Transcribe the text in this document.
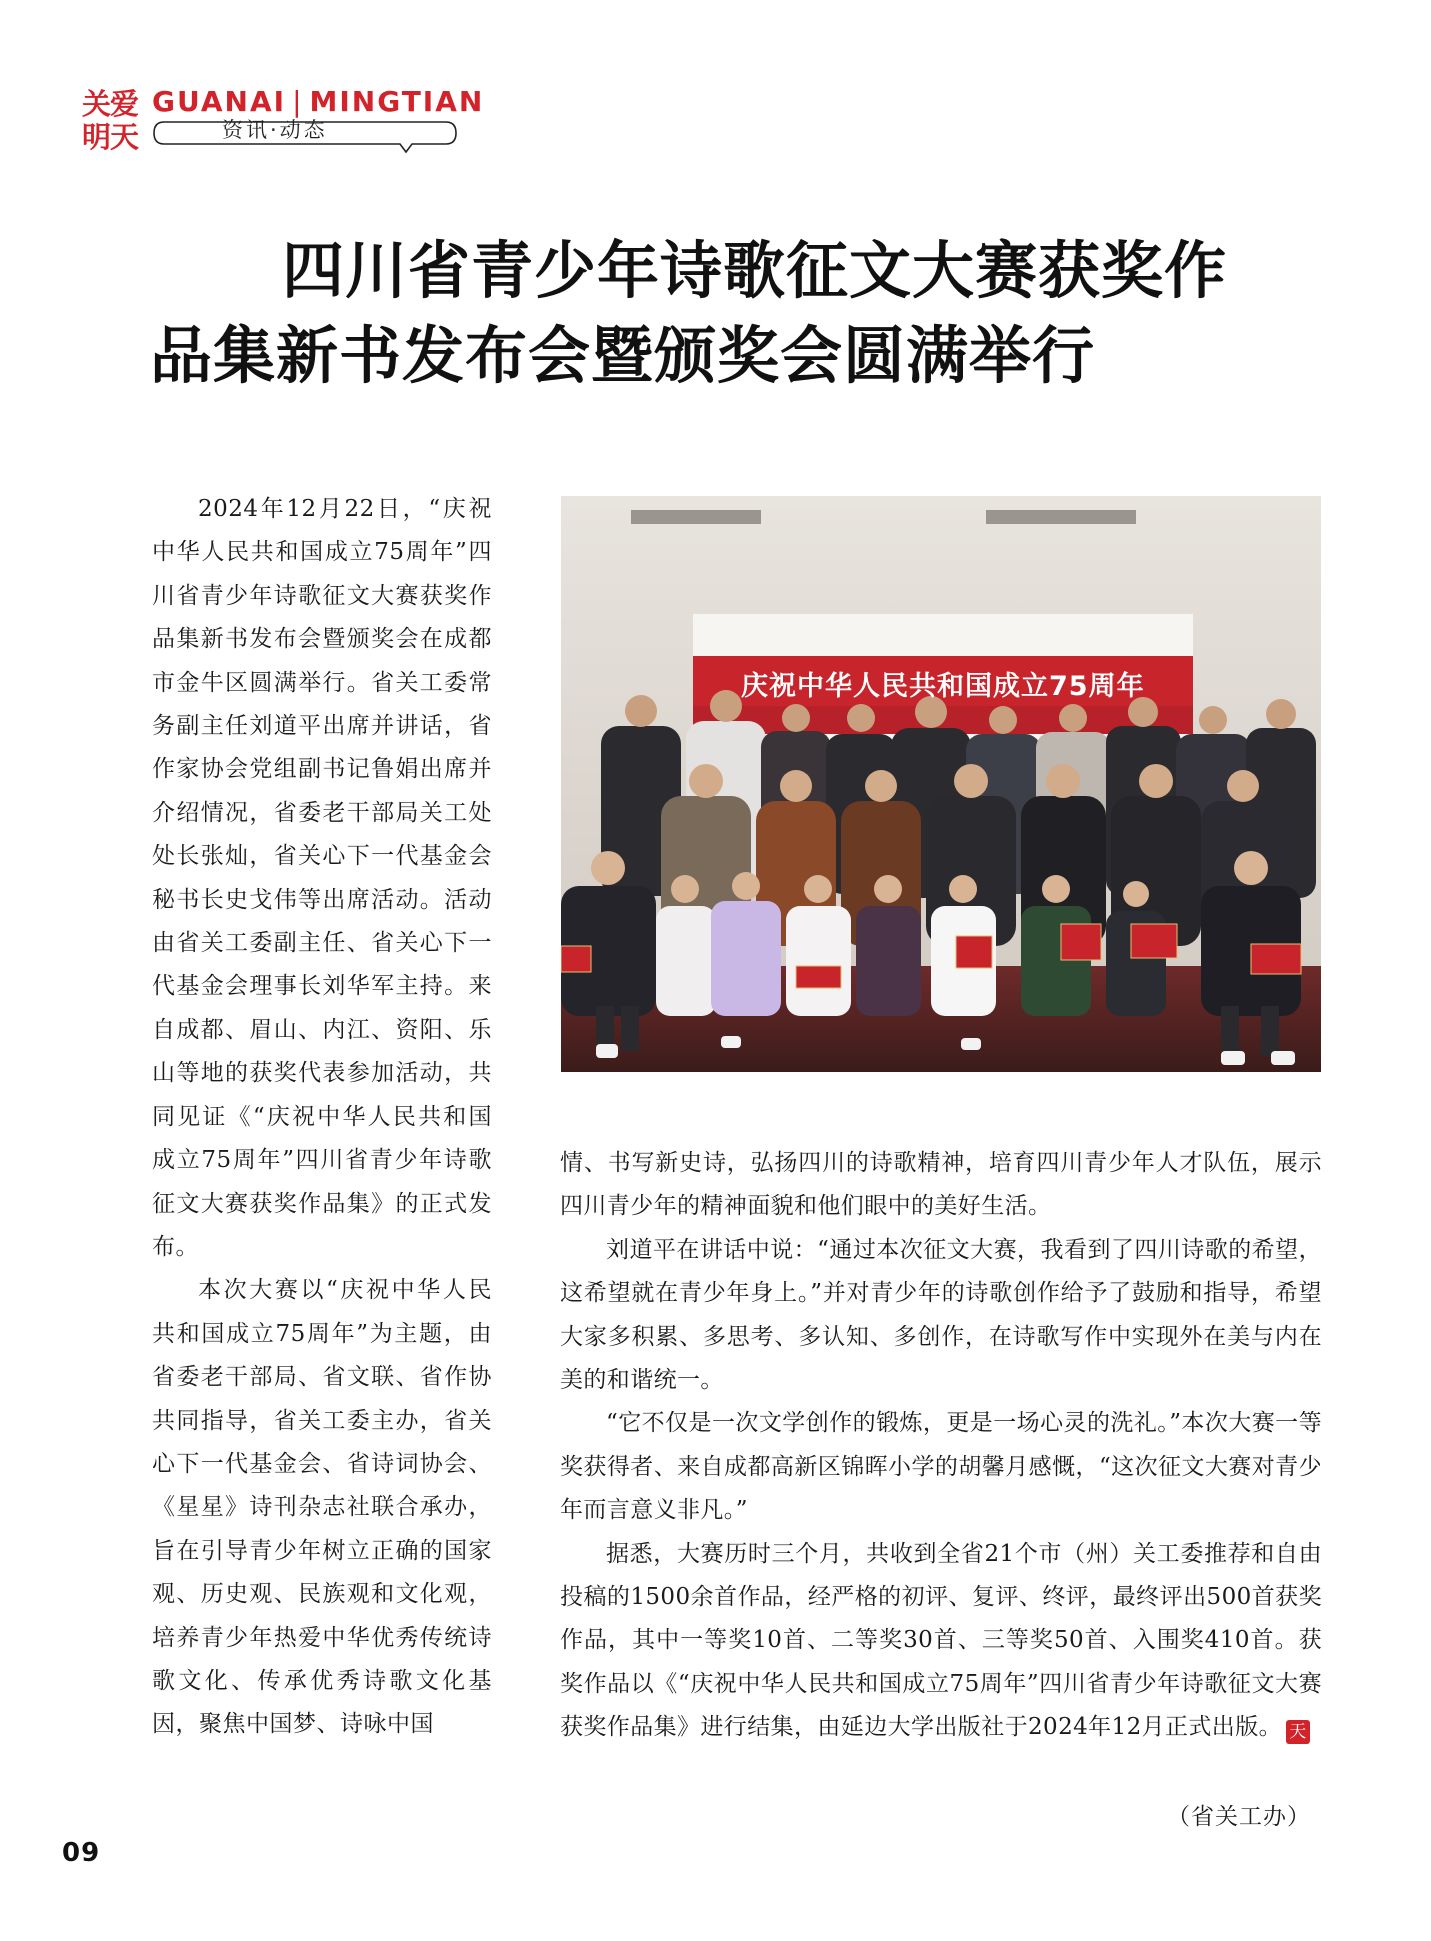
关爱
明天
GUANAI | MINGTIAN
资讯·动态
四川省青少年诗歌征文大赛获奖作
品集新书发布会暨颁奖会圆满举行

2024年12月22日，“庆祝中华人民共和国成立75周年”四川省青少年诗歌征文大赛获奖作品集新书发布会暨颁奖会在成都市金牛区圆满举行。省关工委常务副主任刘道平出席并讲话，省作家协会党组副书记鲁娟出席并介绍情况，省委老干部局关工处处长张灿，省关心下一代基金会秘书长史戈伟等出席活动。活动由省关工委副主任、省关心下一代基金会理事长刘华军主持。来自成都、眉山、内江、资阳、乐山等地的获奖代表参加活动，共同见证《“庆祝中华人民共和国成立75周年”四川省青少年诗歌征文大赛获奖作品集》的正式发布。

本次大赛以“庆祝中华人民共和国成立75周年”为主题，由省委老干部局、省文联、省作协共同指导，省关工委主办，省关心下一代基金会、省诗词协会、《星星》诗刊杂志社联合承办，旨在引导青少年树立正确的国家观、历史观、民族观和文化观，培养青少年热爱中华优秀传统诗歌文化、传承优秀诗歌文化基因，聚焦中国梦、诗咏中国

庆祝中华人民共和国成立75周年

情、书写新史诗，弘扬四川的诗歌精神，培育四川青少年人才队伍，展示四川青少年的精神面貌和他们眼中的美好生活。

刘道平在讲话中说：“通过本次征文大赛，我看到了四川诗歌的希望，这希望就在青少年身上。”并对青少年的诗歌创作给予了鼓励和指导，希望大家多积累、多思考、多认知、多创作，在诗歌写作中实现外在美与内在美的和谐统一。

“它不仅是一次文学创作的锻炼，更是一场心灵的洗礼。”本次大赛一等奖获得者、来自成都高新区锦晖小学的胡馨月感慨，“这次征文大赛对青少年而言意义非凡。”

据悉，大赛历时三个月，共收到全省21个市（州）关工委推荐和自由投稿的1500余首作品，经严格的初评、复评、终评，最终评出500首获奖作品，其中一等奖10首、二等奖30首、三等奖50首、入围奖410首。获奖作品以《“庆祝中华人民共和国成立75周年”四川省青少年诗歌征文大赛获奖作品集》进行结集，由延边大学出版社于2024年12月正式出版。 天

（省关工办）
09
